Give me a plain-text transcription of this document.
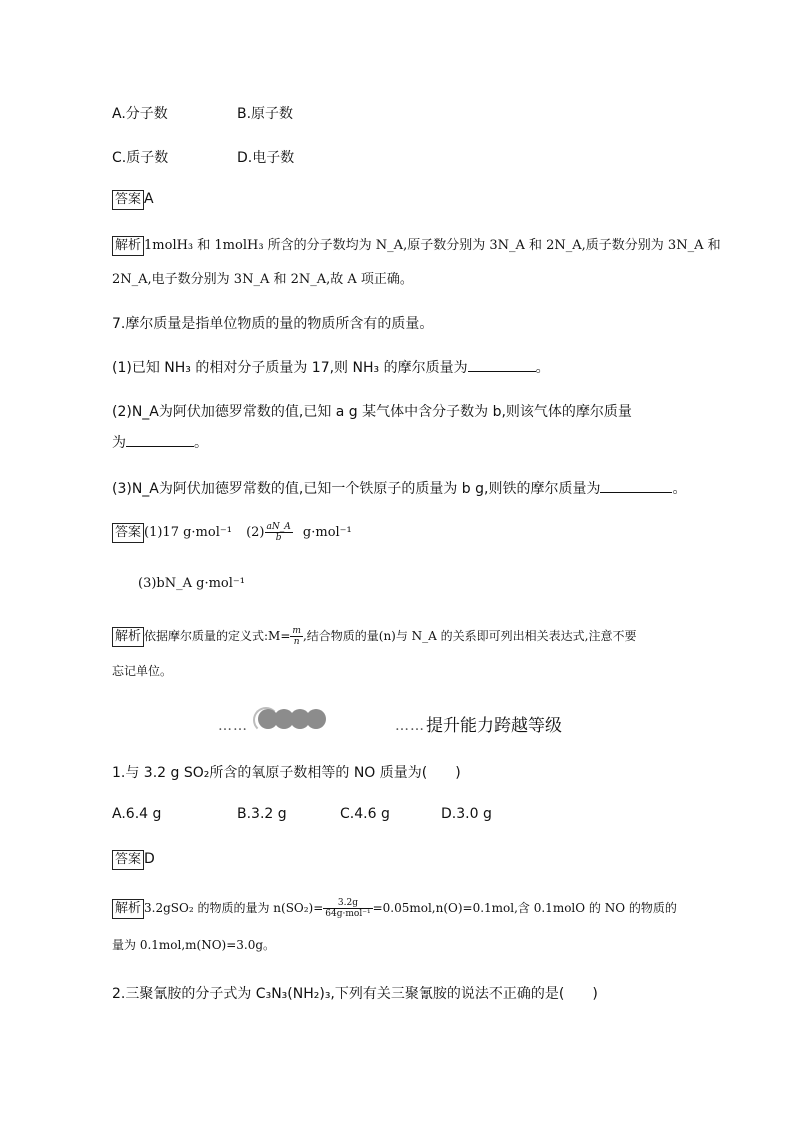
A.分子数	B.原子数
C.质子数	D.电子数
答案 A
解析 1molH₃ 和 1molH₃ 所含的分子数均为 N_A,原子数分别为 3N_A 和 2N_A,质子数分别为 3N_A 和
2N_A,电子数分别为 3N_A 和 2N_A,故 A 项正确。
7.摩尔质量是指单位物质的量的物质所含有的质量。
(1)已知 NH₃ 的相对分子质量为 17,则 NH₃ 的摩尔质量为	。
(2)N_A为阿伏加德罗常数的值,已知 a g 某气体中含分子数为 b,则该气体的摩尔质量
为	。
(3)N_A为阿伏加德罗常数的值,已知一个铁原子的质量为 b g,则铁的摩尔质量为	。
答案 (1)17 g·mol⁻¹ $(2) \frac{aN\_A}{b} g\cdot mol^{-1}$
(3)bN_A g·mol⁻¹
解析 依据摩尔质量的定义式:M= $\frac{m}{n}$ ,结合物质的量(n)与 N_A 的关系即可列出相关表达式,注意不要
忘记单位。
……	…… 提升能力跨越等级
1.与 3.2 g SO₂所含的氧原子数相等的 NO 质量为(　　)
A.6.4 g	B.3.2 g	C.4.6 g	D.3.0 g
答案 D
解析 3.2gSO₂ 的物质的量为 $n(SO_2)= \frac{3.2g}{\text{64g·mol⁻¹}} =0.05mol,n(O)=0.1mol$,含 0.1molO 的 NO 的物质的
量为 0.1mol,m(NO)=3.0g。
2.三聚氰胺的分子式为 C₃N₃(NH₂)₃,下列有关三聚氰胺的说法不正确的是(　　)
